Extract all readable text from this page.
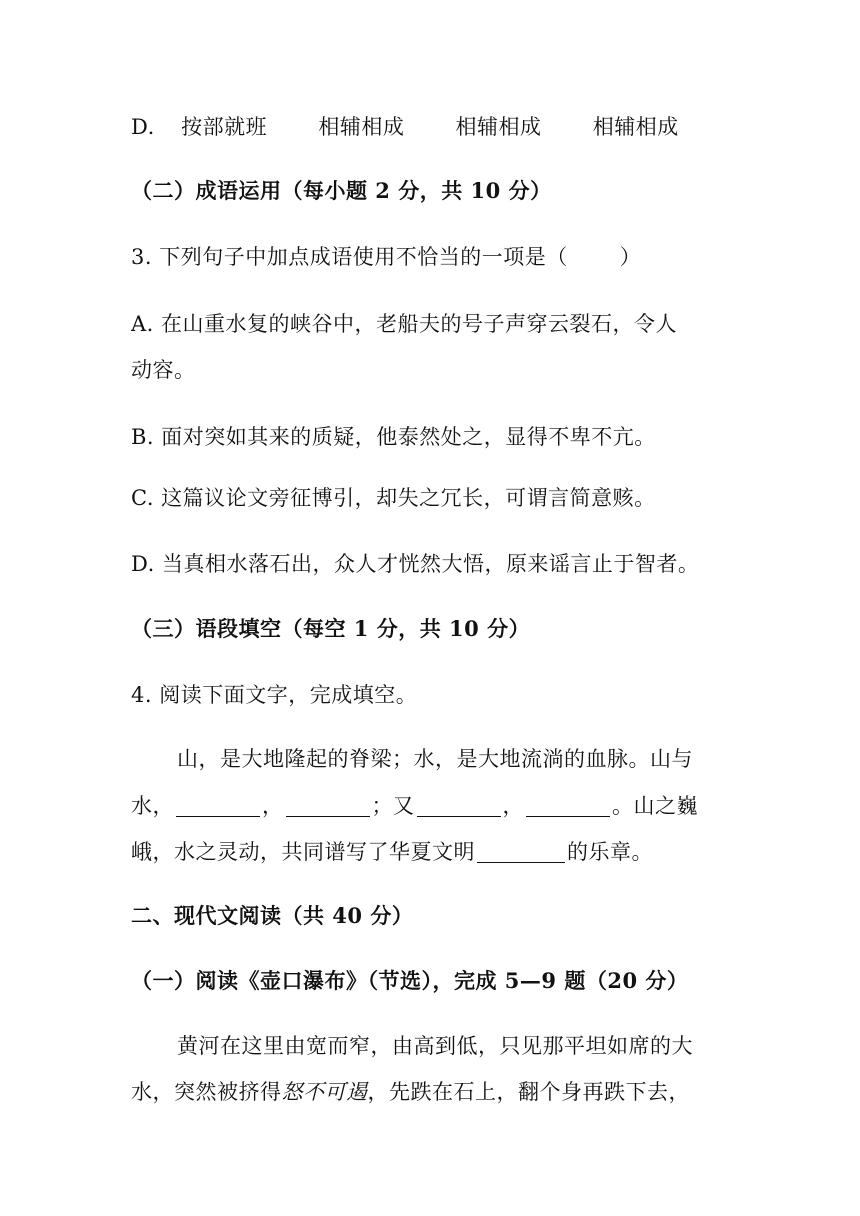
D. 按部就班 相辅相成 相辅相成 相辅相成
（二）成语运用（每小题 2 分，共 10 分）
3. 下列句子中加点成语使用不恰当的一项是（ ）
A. 在山重水复的峡谷中，老船夫的号子声穿云裂石，令人
动容。
B. 面对突如其来的质疑，他泰然处之，显得不卑不亢。
C. 这篇议论文旁征博引，却失之冗长，可谓言简意赅。
D. 当真相水落石出，众人才恍然大悟，原来谣言止于智者。
（三）语段填空（每空 1 分，共 10 分）
4. 阅读下面文字，完成填空。
山，是大地隆起的脊梁；水，是大地流淌的血脉。山与
水，	，	；又	，	。山之巍
峨，水之灵动，共同谱写了华夏文明	的乐章。
二、现代文阅读（共 40 分）
（一）阅读《壶口瀑布》（节选），完成 5—9 题（20 分）
黄河在这里由宽而窄，由高到低，只见那平坦如席的大
水，突然被挤得怒不可遏，先跌在石上，翻个身再跌下去，
